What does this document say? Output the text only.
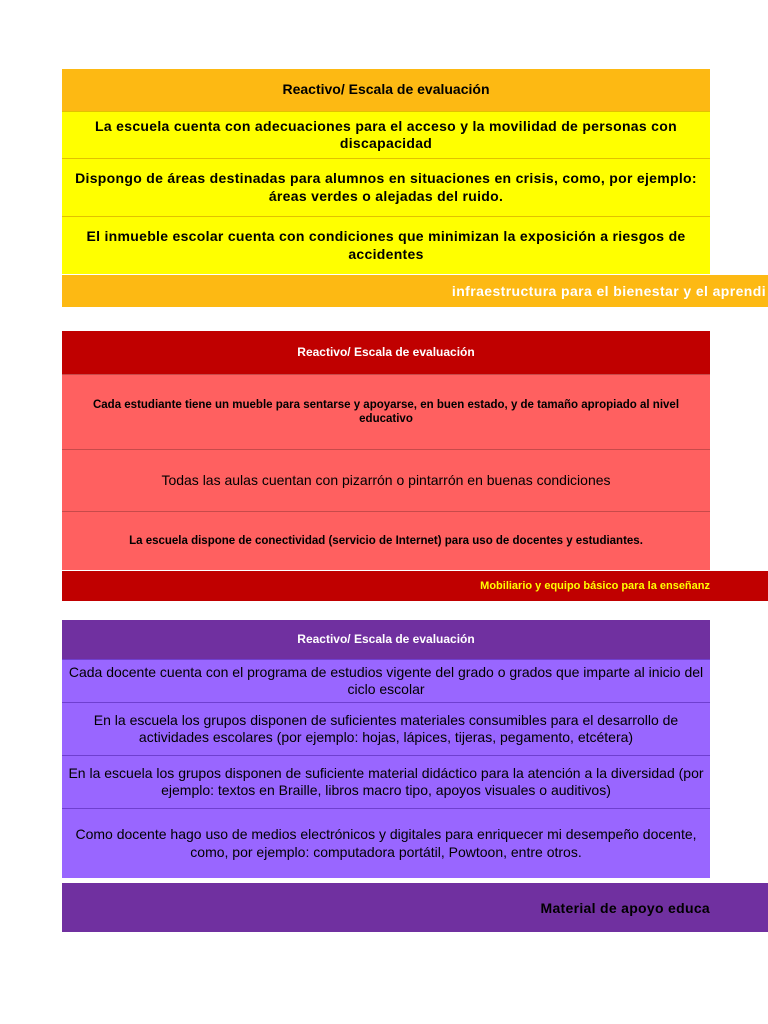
Reactivo/ Escala de evaluación
La escuela cuenta con adecuaciones para el acceso y la movilidad de personas con discapacidad
Dispongo de áreas destinadas para alumnos en situaciones en crisis, como, por ejemplo: áreas verdes o alejadas del ruido.
El inmueble escolar cuenta con condiciones que minimizan la exposición a riesgos de accidentes
infraestructura para el bienestar y el aprendi
Reactivo/ Escala de evaluación
Cada estudiante tiene un mueble para sentarse y apoyarse, en buen estado, y de tamaño apropiado al nivel educativo
Todas las aulas cuentan con pizarrón o pintarrón en buenas condiciones
La escuela dispone de conectividad (servicio de Internet) para uso de docentes y estudiantes.
Mobiliario y equipo básico para la enseñanz
Reactivo/ Escala de evaluación
Cada docente cuenta con el programa de estudios vigente del grado o grados que imparte al inicio del ciclo escolar
En la escuela los grupos disponen de suficientes materiales consumibles para el desarrollo de actividades escolares (por ejemplo: hojas, lápices, tijeras, pegamento, etcétera)
En la escuela los grupos disponen de suficiente material didáctico para la atención a la diversidad (por ejemplo: textos en Braille, libros macro tipo, apoyos visuales o auditivos)
Como docente hago uso de medios electrónicos y digitales para enriquecer mi desempeño docente, como, por ejemplo: computadora portátil, Powtoon, entre otros.
Material de apoyo educa
